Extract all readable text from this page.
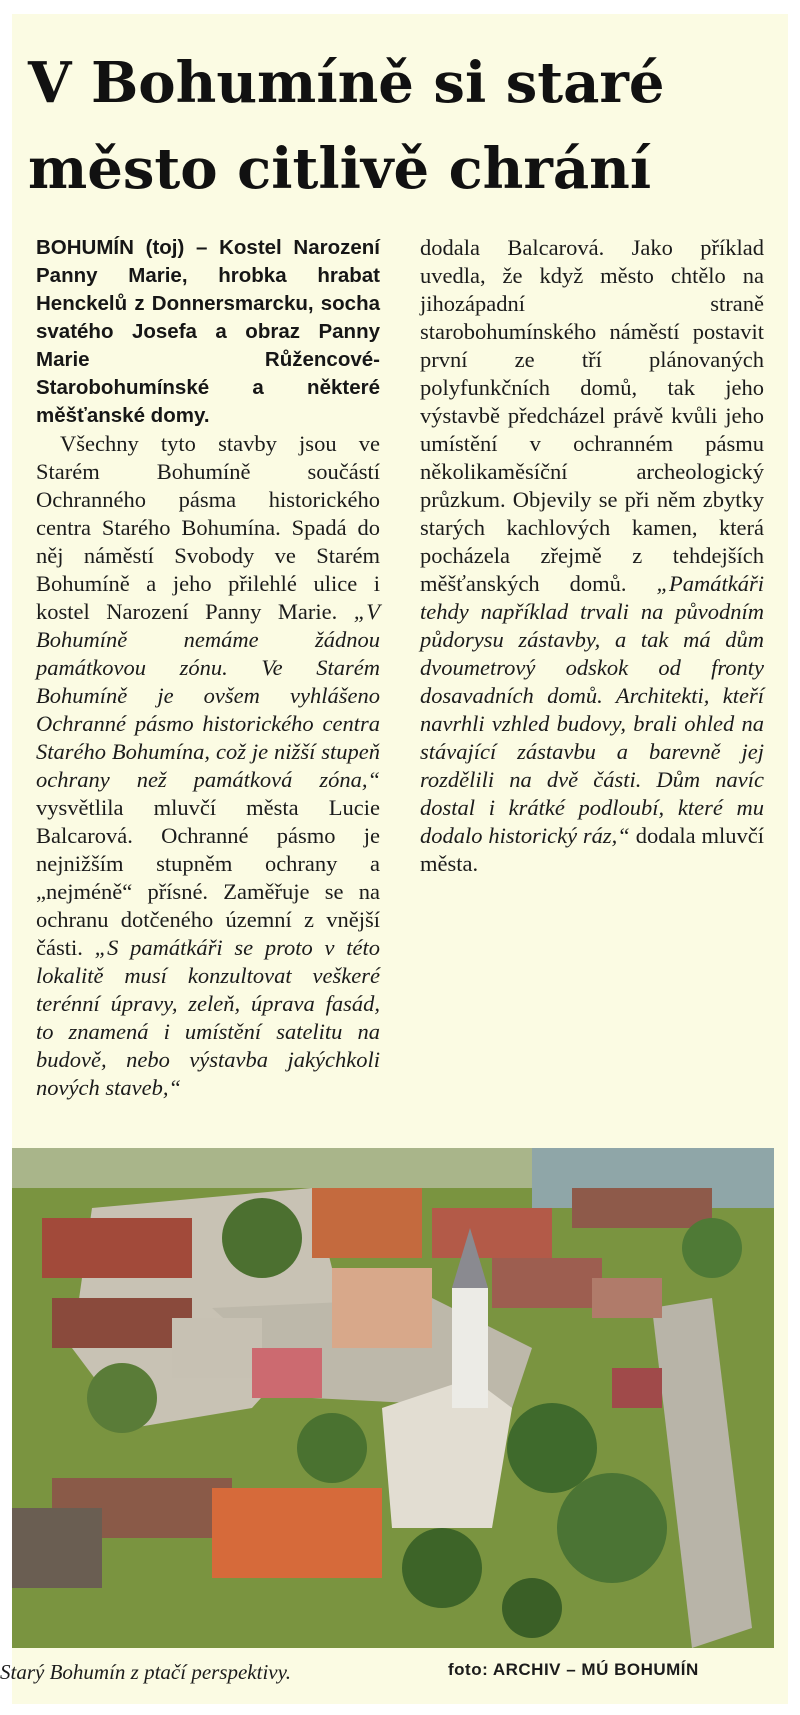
V Bohumíně si staré město citlivě chrání

BOHUMÍN (toj) – Kostel Narození Panny Marie, hrobka hrabat Henckelů z Donnersmarcku, socha svatého Josefa a obraz Panny Marie Růžencové-Starobohumínské a některé měšťanské domy.

Všechny tyto stavby jsou ve Starém Bohumíně součástí Ochranného pásma historického centra Starého Bohumína. Spadá do něj náměstí Svobody ve Starém Bohumíně a jeho přilehlé ulice i kostel Narození Panny Marie. „V Bohumíně nemáme žádnou památkovou zónu. Ve Starém Bohumíně je ovšem vyhlášeno Ochranné pásmo historického centra Starého Bohumína, což je nižší stupeň ochrany než památková zóna,“ vysvětlila mluvčí města Lucie Balcarová. Ochranné pásmo je nejnižším stupněm ochrany a „nejméně“ přísné. Zaměřuje se na ochranu dotčeného územní z vnější části. „S památkáři se proto v této lokalitě musí konzultovat veškeré terénní úpravy, zeleň, úprava fasád, to znamená i umístění satelitu na budově, nebo výstavba jakýchkoli nových staveb,“

dodala Balcarová. Jako příklad uvedla, že když město chtělo na jihozápadní straně starobohumínského náměstí postavit první ze tří plánovaných polyfunkčních domů, tak jeho výstavbě předcházel právě kvůli jeho umístění v ochranném pásmu několikaměsíční archeologický průzkum. Objevily se při něm zbytky starých kachlových kamen, která pocházela zřejmě z tehdejších měšťanských domů. „Památkáři tehdy například trvali na původním půdorysu zástavby, a tak má dům dvoumetrový odskok od fronty dosavadních domů. Architekti, kteří navrhli vzhled budovy, brali ohled na stávající zástavbu a barevně jej rozdělili na dvě části. Dům navíc dostal i krátké podloubí, které mu dodalo historický ráz,“ dodala mluvčí města.

Starý Bohumín z ptačí perspektivy.	foto: ARCHIV – MÚ BOHUMÍN
